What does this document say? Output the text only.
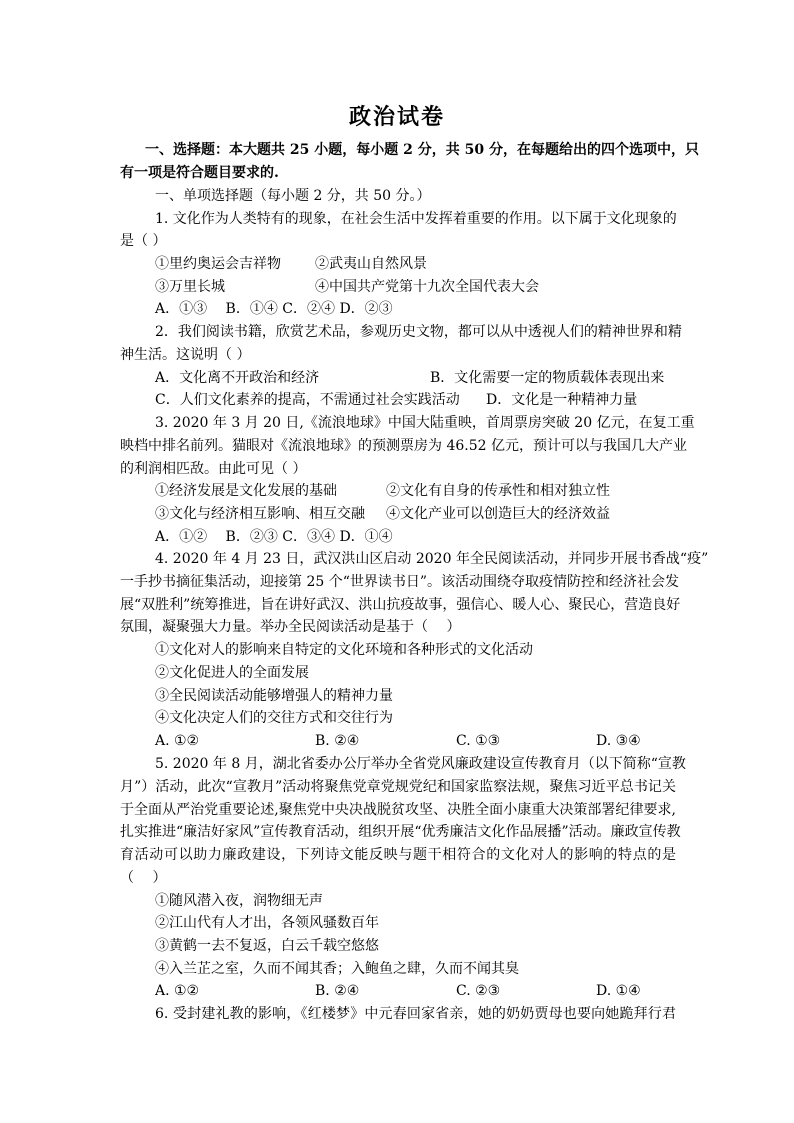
政治试卷
一、选择题：本大题共 25 小题，每小题 2 分，共 50 分，在每题给出的四个选项中，只
有一项是符合题目要求的.
一、单项选择题（每小题 2 分，共 50 分。）
1. 文化作为人类特有的现象，在社会生活中发挥着重要的作用。以下属于文化现象的
是（ ）
①里约奥运会吉祥物 ②武夷山自然风景
③万里长城	④中国共产党第十九次全国代表大会
A．①③　 B．①④ C．②④ D．②③
2．我们阅读书籍，欣赏艺术品，参观历史文物，都可以从中透视人们的精神世界和精
神生活。这说明（ ）
A．文化离不开政治和经济	B．文化需要一定的物质载体表现出来
C．人们文化素养的提高，不需通过社会实践活动 D．文化是一种精神力量
3. 2020 年 3 月 20 日,《流浪地球》中国大陆重映，首周票房突破 20 亿元，在复工重
映档中排名前列。猫眼对《流浪地球》的预测票房为 46.52 亿元，预计可以与我国几大产业
的利润相匹敌。由此可见（ ）
①经济发展是文化发展的基础	②文化有自身的传承性和相对独立性
③文化与经济相互影响、相互交融 ④文化产业可以创造巨大的经济效益
A．①②　 B．②③ C．③④ D．①④
4. 2020 年 4 月 23 日，武汉洪山区启动 2020 年全民阅读活动，并同步开展书香战“疫”
一手抄书摘征集活动，迎接第 25 个“世界读书日”。该活动围绕夺取疫情防控和经济社会发
展“双胜利”统筹推进，旨在讲好武汉、洪山抗疫故事，强信心、暖人心、聚民心，营造良好
氛围，凝聚强大力量。举办全民阅读活动是基于（　 ）
①文化对人的影响来自特定的文化环境和各种形式的文化活动
②文化促进人的全面发展
③全民阅读活动能够增强人的精神力量
④文化决定人们的交往方式和交往行为
A. ①②	B. ②④	C. ①③	D. ③④
5. 2020 年 8 月，湖北省委办公厅举办全省党风廉政建设宣传教育月（以下简称“宣教
月”）活动，此次“宣教月”活动将聚焦党章党规党纪和国家监察法规，聚焦习近平总书记关
于全面从严治党重要论述,聚焦党中央决战脱贫攻坚、决胜全面小康重大决策部署纪律要求,
扎实推进“廉洁好家风”宣传教育活动，组织开展“优秀廉洁文化作品展播”活动。廉政宣传教
育活动可以助力廉政建设，下列诗文能反映与题干相符合的文化对人的影响的特点的是
（　 ）
①随风潜入夜，润物细无声
②江山代有人才出，各领风骚数百年
③黄鹤一去不复返，白云千载空悠悠
④入兰芷之室，久而不闻其香；入鲍鱼之肆，久而不闻其臭
A. ①②	B. ②④	C. ②③	D. ①④
6. 受封建礼教的影响，《红楼梦》中元春回家省亲，她的奶奶贾母也要向她跪拜行君
